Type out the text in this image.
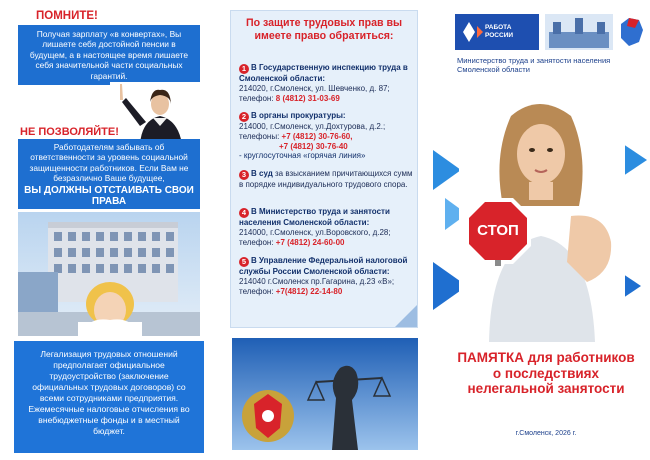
ПОМНИТЕ!
Получая зарплату «в конвертах», Вы лишаете себя достойной пенсии в будущем, а в настоящее время лишаете себя значительной части социальных гарантий.
НЕ ПОЗВОЛЯЙТЕ!
Работодателям забывать об ответственности за уровень социальной защищенности работников. Если Вам не безразлично Ваше будущее,
ВЫ ДОЛЖНЫ ОТСТАИВАТЬ СВОИ ПРАВА
Легализация трудовых отношений предполагает официальное трудоустройство (заключение официальных трудовых договоров) со всеми сотрудниками предприятия. Ежемесячные налоговые отчисления во внебюджетные фонды и в местный бюджет.
По защите трудовых прав вы имеете право обратиться:
1 В Государственную инспекцию труда в Смоленской области:
214020, г.Смоленск, ул. Шевченко, д. 87;
телефон: 8 (4812) 31-03-69
2 В органы прокуратуры:
214000, г.Смоленск, ул.Дохтурова, д.2.;
телефоны: +7 (4812) 30-76-60,
+7 (4812) 30-76-40
- круглосуточная «горячая линия»
3 В суд за взысканием причитающихся сумм в порядке индивидуального трудового спора.
4 В Министерство труда и занятости населения Смоленской области:
214000, г.Смоленск, ул.Воровского, д.28;
телефон: +7 (4812) 24-60-00
5 В Управление Федеральной налоговой службы России Смоленской области:
214040 г.Смоленск пр.Гагарина, д.23 «В»;
телефон: +7(4812) 22-14-80
РАБОТА РОССИИ
Министерство труда и занятости населения Смоленской области
СТОП
ПАМЯТКА для работников о последствиях нелегальной занятости
г.Смоленск, 2026 г.
